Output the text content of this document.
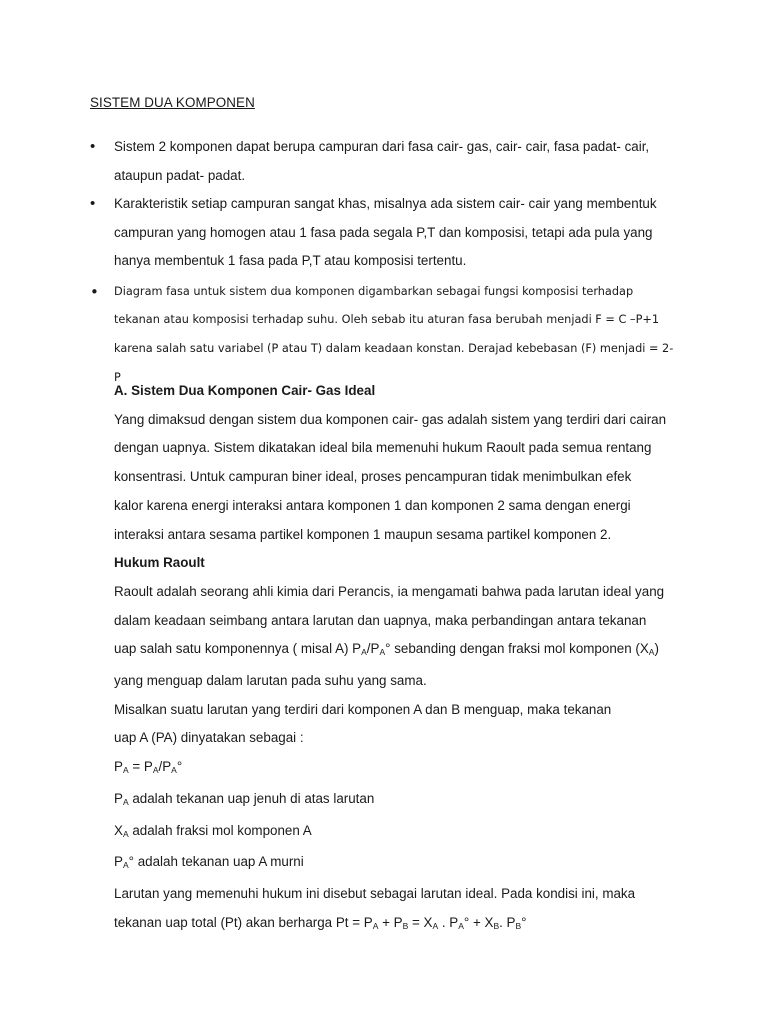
SISTEM DUA KOMPONEN
• Sistem 2 komponen dapat berupa campuran dari fasa cair- gas, cair- cair, fasa padat- cair, ataupun padat- padat.
• Karakteristik setiap campuran sangat khas, misalnya ada sistem cair- cair yang membentuk campuran yang homogen atau 1 fasa pada segala P,T dan komposisi, tetapi ada pula yang hanya membentuk 1 fasa pada P,T atau komposisi tertentu.
• Diagram fasa untuk sistem dua komponen digambarkan sebagai fungsi komposisi terhadap tekanan atau komposisi terhadap suhu. Oleh sebab itu aturan fasa berubah menjadi F = C –P+1 karena salah satu variabel (P atau T) dalam keadaan konstan. Derajad kebebasan (F) menjadi = 2-P

A. Sistem Dua Komponen Cair- Gas Ideal

Yang dimaksud dengan sistem dua komponen cair- gas adalah sistem yang terdiri dari cairan

dengan uapnya. Sistem dikatakan ideal bila memenuhi hukum Raoult pada semua rentang

konsentrasi. Untuk campuran biner ideal, proses pencampuran tidak menimbulkan efek

kalor karena energi interaksi antara komponen 1 dan komponen 2 sama dengan energi

interaksi antara sesama partikel komponen 1 maupun sesama partikel komponen 2.

Hukum Raoult

Raoult adalah seorang ahli kimia dari Perancis, ia mengamati bahwa pada larutan ideal yang

dalam keadaan seimbang antara larutan dan uapnya, maka perbandingan antara tekanan

uap salah satu komponennya ( misal A) $P_A/P_A^\circ$ sebanding dengan fraksi mol komponen $(X_A)$

yang menguap dalam larutan pada suhu yang sama.

Misalkan suatu larutan yang terdiri dari komponen A dan B menguap, maka tekanan

uap A (PA) dinyatakan sebagai :

$P_A = P_A/P_A^\circ$

$P_A$ adalah tekanan uap jenuh di atas larutan

$X_A$ adalah fraksi mol komponen A

$P_A^\circ$ adalah tekanan uap A murni

Larutan yang memenuhi hukum ini disebut sebagai larutan ideal. Pada kondisi ini, maka

tekanan uap total (Pt) akan berharga $Pt = P_A + P_B = X_A$ . $P_A^\circ + X_B$. $P_B^\circ$
